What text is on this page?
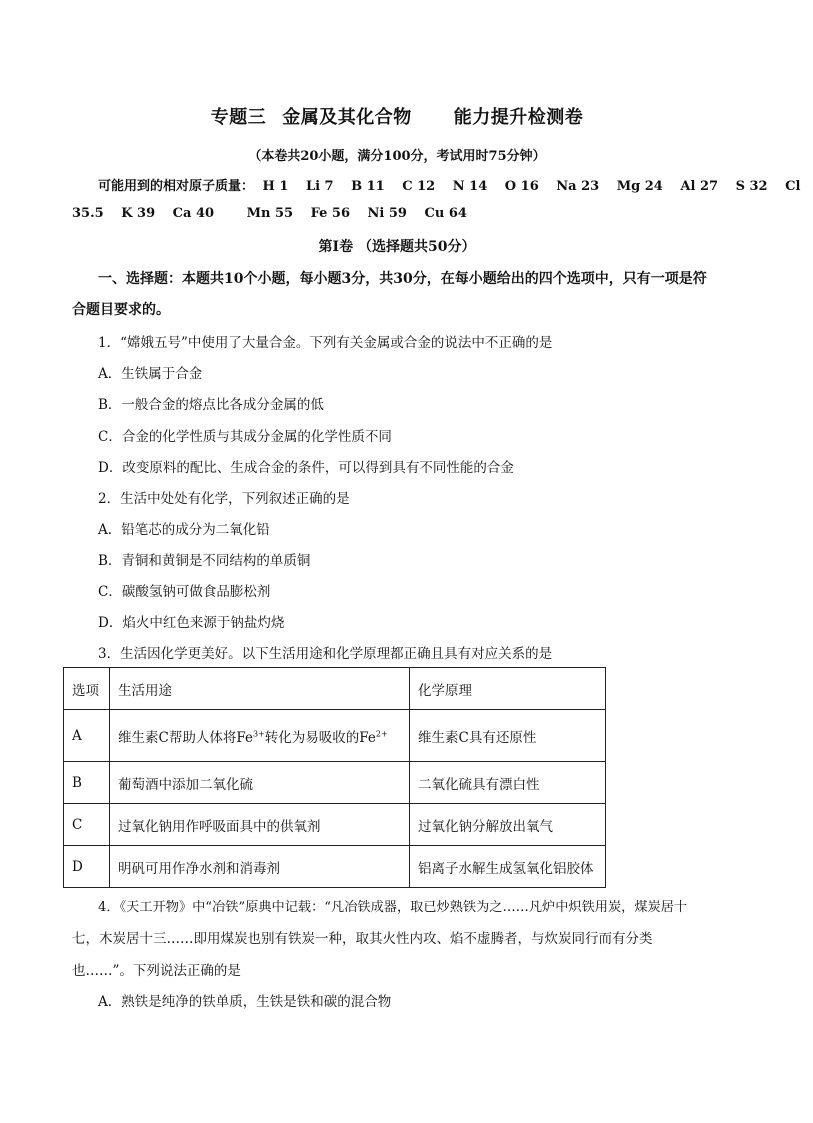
专题三 金属及其化合物 能力提升检测卷
（本卷共20小题，满分100分，考试用时75分钟）
可能用到的相对原子质量： H 1 Li 7 B 11 C 12 N 14 O 16 Na 23 Mg 24 Al 27 S 32 Cl
35.5 K 39 Ca 40	Mn 55 Fe 56 Ni 59 Cu 64
第I卷 （选择题共50分）
一、选择题：本题共10个小题，每小题3分，共30分，在每小题给出的四个选项中，只有一项是符
合题目要求的。
1．“嫦娥五号”中使用了大量合金。下列有关金属或合金的说法中不正确的是
A．生铁属于合金
B．一般合金的熔点比各成分金属的低
C．合金的化学性质与其成分金属的化学性质不同
D．改变原料的配比、生成合金的条件，可以得到具有不同性能的合金
2．生活中处处有化学，下列叙述正确的是
A．铅笔芯的成分为二氧化铅
B．青铜和黄铜是不同结构的单质铜
C．碳酸氢钠可做食品膨松剂
D．焰火中红色来源于钠盐灼烧
3．生活因化学更美好。以下生活用途和化学原理都正确且具有对应关系的是
选项	生活用途	化学原理
A	维生素C帮助人体将$Fe^{3+}$转化为易吸收的$Fe^{2+}$	维生素C具有还原性
B	葡萄酒中添加二氧化硫	二氧化硫具有漂白性
C	过氧化钠用作呼吸面具中的供氧剂	过氧化钠分解放出氧气
D	明矾可用作净水剂和消毒剂	铝离子水解生成氢氧化铝胶体
4．《天工开物》中“冶铁”原典中记载：“凡冶铁成器，取已炒熟铁为之……凡炉中炽铁用炭，煤炭居十
七，木炭居十三……即用煤炭也别有铁炭一种，取其火性内攻、焰不虚腾者，与炊炭同行而有分类
也……”。下列说法正确的是
A．熟铁是纯净的铁单质，生铁是铁和碳的混合物
